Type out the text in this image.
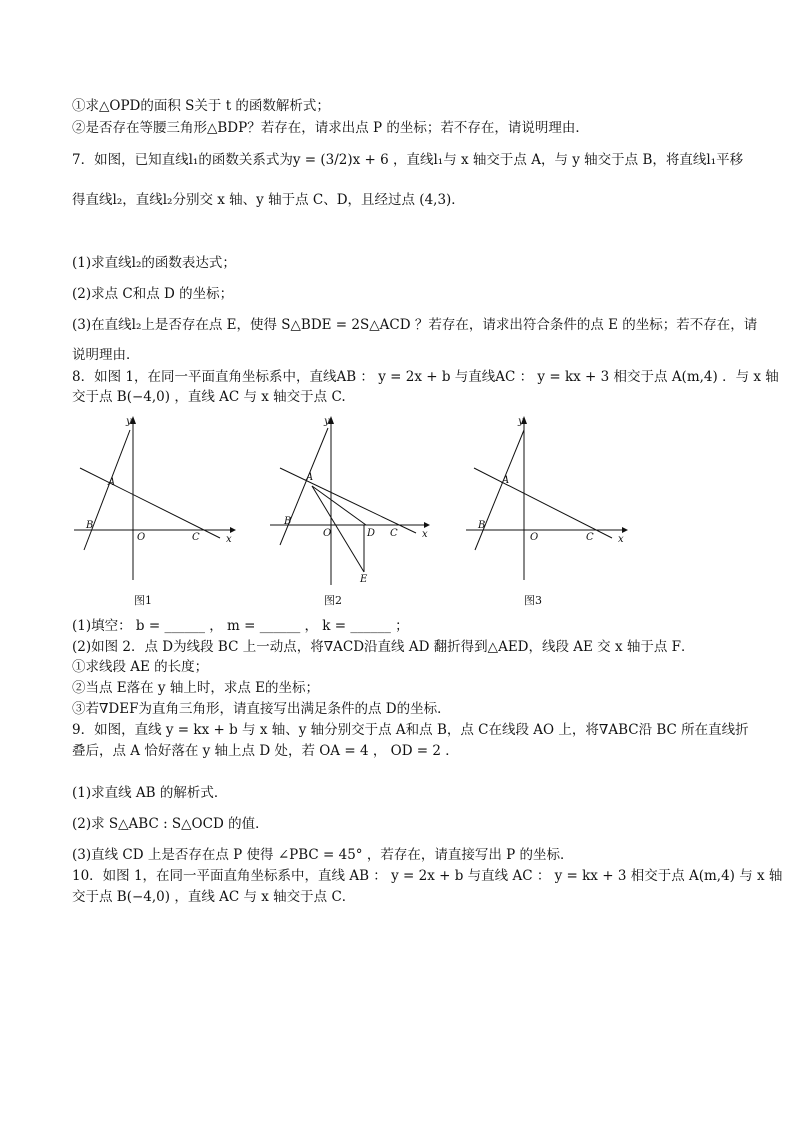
①求△OPD的面积 S关于 t 的函数解析式；
②是否存在等腰三角形△BDP？若存在，请求出点 P 的坐标；若不存在，请说明理由．
7．如图，已知直线l₁的函数关系式为y = (3/2)x + 6 ，直线l₁与 x 轴交于点 A，与 y 轴交于点 B，将直线l₁平移
得直线l₂，直线l₂分别交 x 轴、y 轴于点 C、D，且经过点 (4,3)．
(1)求直线l₂的函数表达式；
(2)求点 C和点 D 的坐标；
(3)在直线l₂上是否存在点 E，使得 S△BDE = 2S△ACD ？若存在，请求出符合条件的点 E 的坐标；若不存在，请
说明理由．
8．如图 1，在同一平面直角坐标系中，直线AB ： y = 2x + b 与直线AC ： y = kx + 3 相交于点 A(m,4) ．与 x 轴
交于点 B(−4,0) ，直线 AC 与 x 轴交于点 C.
y
x
A
B
O	C
图1
y
x
A
B
O	D C
E
图2
y
x
A
B
O	C
图3
(1)填空： b = ______ ， m = ______ ， k = ______ ；
(2)如图 2．点 D为线段 BC 上一动点，将∇ACD沿直线 AD 翻折得到△AED，线段 AE 交 x 轴于点 F．
①求线段 AE 的长度；
②当点 E落在 y 轴上时，求点 E的坐标；
③若∇DEF为直角三角形，请直接写出满足条件的点 D的坐标．
9．如图，直线 y = kx + b 与 x 轴、y 轴分别交于点 A和点 B，点 C在线段 AO 上，将∇ABC沿 BC 所在直线折
叠后，点 A 恰好落在 y 轴上点 D 处，若 OA = 4 ， OD = 2 ．
(1)求直线 AB 的解析式．
(2)求 S△ABC : S△OCD 的值．
(3)直线 CD 上是否存在点 P 使得 ∠PBC = 45° ，若存在，请直接写出 P 的坐标．
10．如图 1，在同一平面直角坐标系中，直线 AB ： y = 2x + b 与直线 AC ： y = kx + 3 相交于点 A(m,4) 与 x 轴
交于点 B(−4,0) ，直线 AC 与 x 轴交于点 C．
